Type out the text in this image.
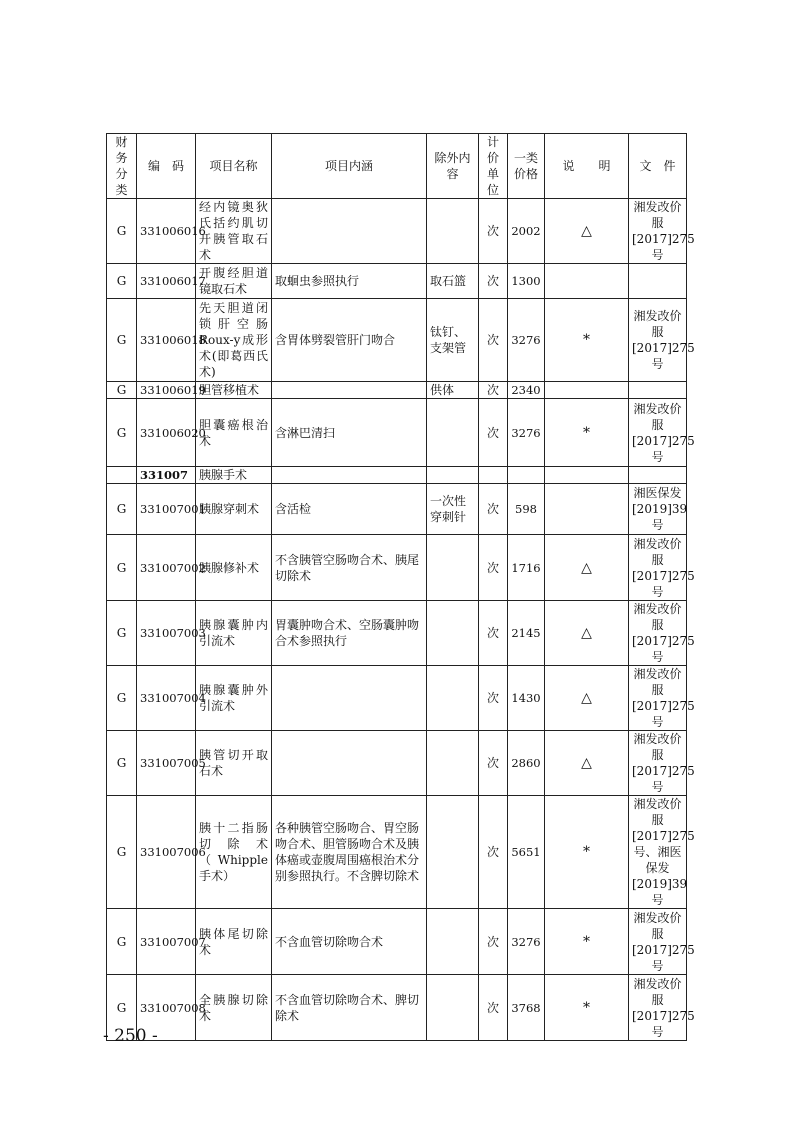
财务分类	编　码	项目名称	项目内涵	除外内容	计价单位	一类价格	说　　明	文　件
G	331006016	经内镜奥狄氏括约肌切开胰管取石术			次	2002	△	湘发改价服[2017]275号
G	331006017	开腹经胆道镜取石术	取蛔虫参照执行	取石篮	次	1300		
G	331006018	先天胆道闭锁肝空肠Roux-y成形术(即葛西氏术)	含胃体劈裂管肝门吻合	钛钉、支架管	次	3276	*	湘发改价服[2017]275号
G	331006019	胆管移植术		供体	次	2340		
G	331006020	胆囊癌根治术	含淋巴清扫		次	3276	*	湘发改价服[2017]275号
	331007	胰腺手术						
G	331007001	胰腺穿刺术	含活检	一次性穿刺针	次	598		湘医保发[2019]39号
G	331007002	胰腺修补术	不含胰管空肠吻合术、胰尾切除术		次	1716	△	湘发改价服[2017]275号
G	331007003	胰腺囊肿内引流术	胃囊肿吻合术、空肠囊肿吻合术参照执行		次	2145	△	湘发改价服[2017]275号
G	331007004	胰腺囊肿外引流术			次	1430	△	湘发改价服[2017]275号
G	331007005	胰管切开取石术			次	2860	△	湘发改价服[2017]275号
G	331007006	胰十二指肠切除术（Whipple手术）	各种胰管空肠吻合、胃空肠吻合术、胆管肠吻合术及胰体癌或壶腹周围癌根治术分别参照执行。不含脾切除术		次	5651	*	湘发改价服[2017]275号、湘医保发[2019]39号
G	331007007	胰体尾切除术	不含血管切除吻合术		次	3276	*	湘发改价服[2017]275号
G	331007008	全胰腺切除术	不含血管切除吻合术、脾切除术		次	3768	*	湘发改价服[2017]275号
- 250 -
